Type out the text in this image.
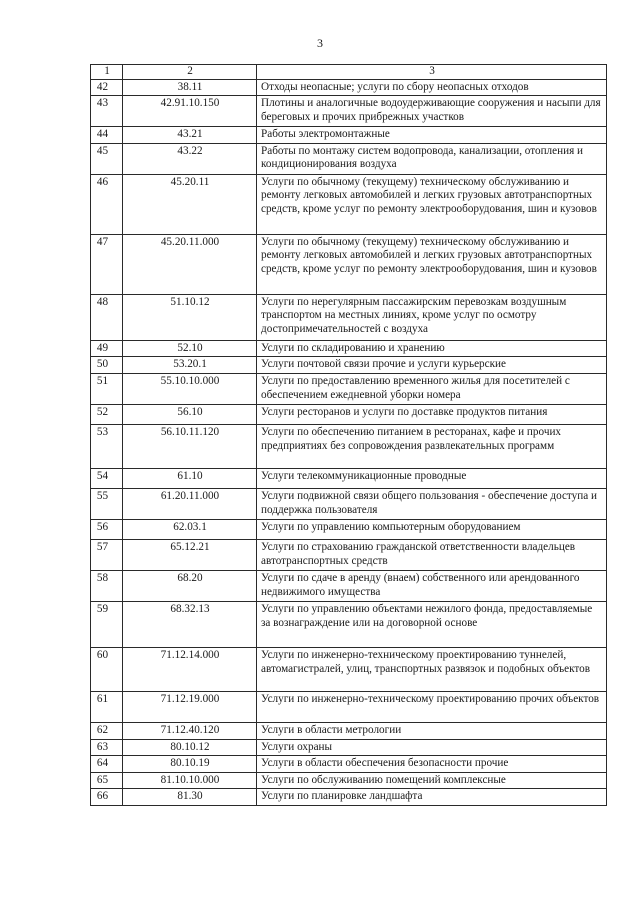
3
1	2	3
42	38.11	Отходы неопасные; услуги по сбору неопасных отходов
43	42.91.10.150	Плотины и аналогичные водоудерживающие сооружения и насыпи для береговых и прочих прибрежных участков
44	43.21	Работы электромонтажные
45	43.22	Работы по монтажу систем водопровода, канализации, отопления и кондиционирования воздуха
46	45.20.11	Услуги по обычному (текущему) техническому обслуживанию и ремонту легковых автомобилей и легких грузовых автотранспортных средств, кроме услуг по ремонту электрооборудования, шин и кузовов
47	45.20.11.000	Услуги по обычному (текущему) техническому обслуживанию и ремонту легковых автомобилей и легких грузовых автотранспортных средств, кроме услуг по ремонту электрооборудования, шин и кузовов
48	51.10.12	Услуги по нерегулярным пассажирским перевозкам воздушным транспортом на местных линиях, кроме услуг по осмотру достопримечательностей с воздуха
49	52.10	Услуги по складированию и хранению
50	53.20.1	Услуги почтовой связи прочие и услуги курьерские
51	55.10.10.000	Услуги по предоставлению временного жилья для посетителей с обеспечением ежедневной уборки номера
52	56.10	Услуги ресторанов и услуги по доставке продуктов питания
53	56.10.11.120	Услуги по обеспечению питанием в ресторанах, кафе и прочих предприятиях без сопровождения развлекательных программ
54	61.10	Услуги телекоммуникационные проводные
55	61.20.11.000	Услуги подвижной связи общего пользования - обеспечение доступа и поддержка пользователя
56	62.03.1	Услуги по управлению компьютерным оборудованием
57	65.12.21	Услуги по страхованию гражданской ответственности владельцев автотранспортных средств
58	68.20	Услуги по сдаче в аренду (внаем) собственного или арендованного недвижимого имущества
59	68.32.13	Услуги по управлению объектами нежилого фонда, предоставляемые за вознаграждение или на договорной основе
60	71.12.14.000	Услуги по инженерно-техническому проектированию туннелей, автомагистралей, улиц, транспортных развязок и подобных объектов
61	71.12.19.000	Услуги по инженерно-техническому проектированию прочих объектов
62	71.12.40.120	Услуги в области метрологии
63	80.10.12	Услуги охраны
64	80.10.19	Услуги в области обеспечения безопасности прочие
65	81.10.10.000	Услуги по обслуживанию помещений комплексные
66	81.30	Услуги по планировке ландшафта
